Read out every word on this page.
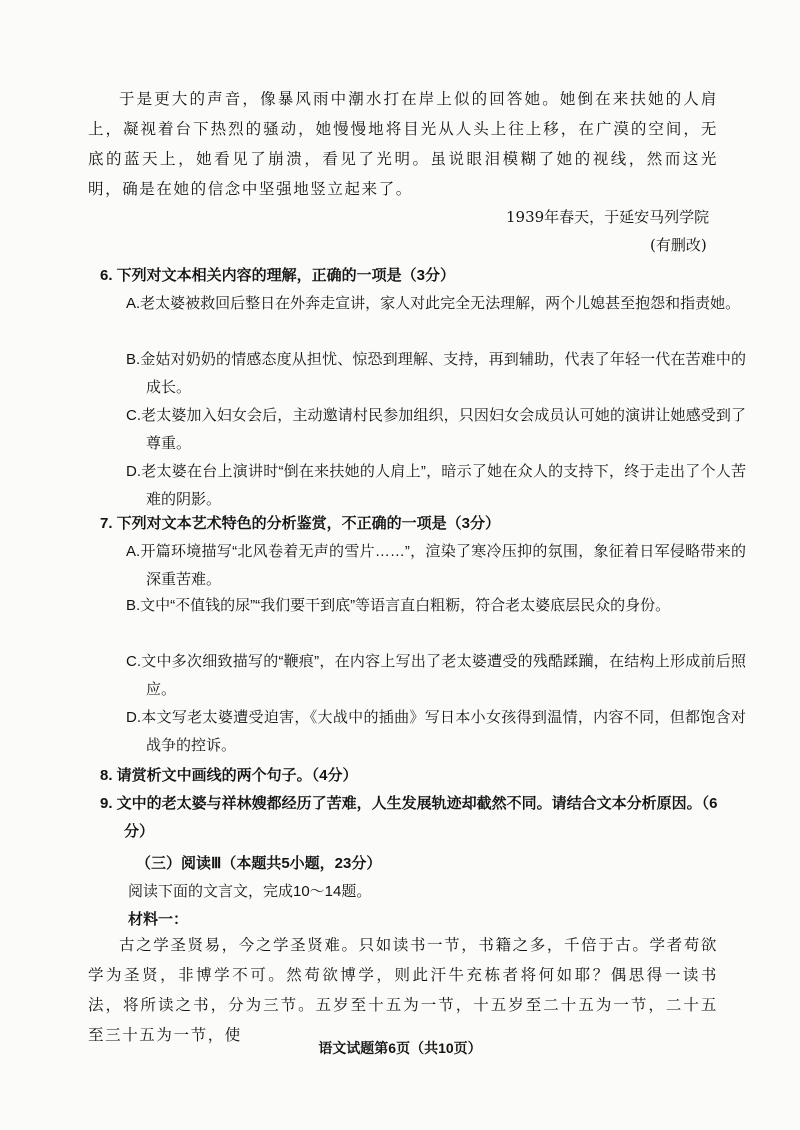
于是更大的声音，像暴风雨中潮水打在岸上似的回答她。她倒在来扶她的人肩上，凝视着台下热烈的骚动，她慢慢地将目光从人头上往上移，在广漠的空间，无底的蓝天上，她看见了崩溃，看见了光明。虽说眼泪模糊了她的视线，然而这光明，确是在她的信念中坚强地竖立起来了。

1939年春天，于延安马列学院
(有删改)

6. 下列对文本相关内容的理解，正确的一项是（3分）

A.老太婆被救回后整日在外奔走宣讲，家人对此完全无法理解，两个儿媳甚至抱怨和指责她。

B.金姑对奶奶的情感态度从担忧、惊恐到理解、支持，再到辅助，代表了年轻一代在苦难中的成长。

C.老太婆加入妇女会后，主动邀请村民参加组织，只因妇女会成员认可她的演讲让她感受到了尊重。

D.老太婆在台上演讲时“倒在来扶她的人肩上”，暗示了她在众人的支持下，终于走出了个人苦难的阴影。

7. 下列对文本艺术特色的分析鉴赏，不正确的一项是（3分）

A.开篇环境描写“北风卷着无声的雪片……”，渲染了寒冷压抑的氛围，象征着日军侵略带来的深重苦难。

B.文中“不值钱的尿”“我们要干到底”等语言直白粗粝，符合老太婆底层民众的身份。

C.文中多次细致描写的“鞭痕”，在内容上写出了老太婆遭受的残酷蹂躏，在结构上形成前后照应。

D.本文写老太婆遭受迫害，《大战中的插曲》写日本小女孩得到温情，内容不同，但都饱含对战争的控诉。

8. 请赏析文中画线的两个句子。（4分）

9. 文中的老太婆与祥林嫂都经历了苦难，人生发展轨迹却截然不同。请结合文本分析原因。（6分）

（三）阅读Ⅲ（本题共5小题，23分）
阅读下面的文言文，完成10～14题。
材料一：

古之学圣贤易，今之学圣贤难。只如读书一节，书籍之多，千倍于古。学者苟欲学为圣贤，非博学不可。然苟欲博学，则此汗牛充栋者将何如耶？偶思得一读书法，将所读之书，分为三节。五岁至十五为一节，十五岁至二十五为一节，二十五至三十五为一节，使

语文试题第6页（共10页）
